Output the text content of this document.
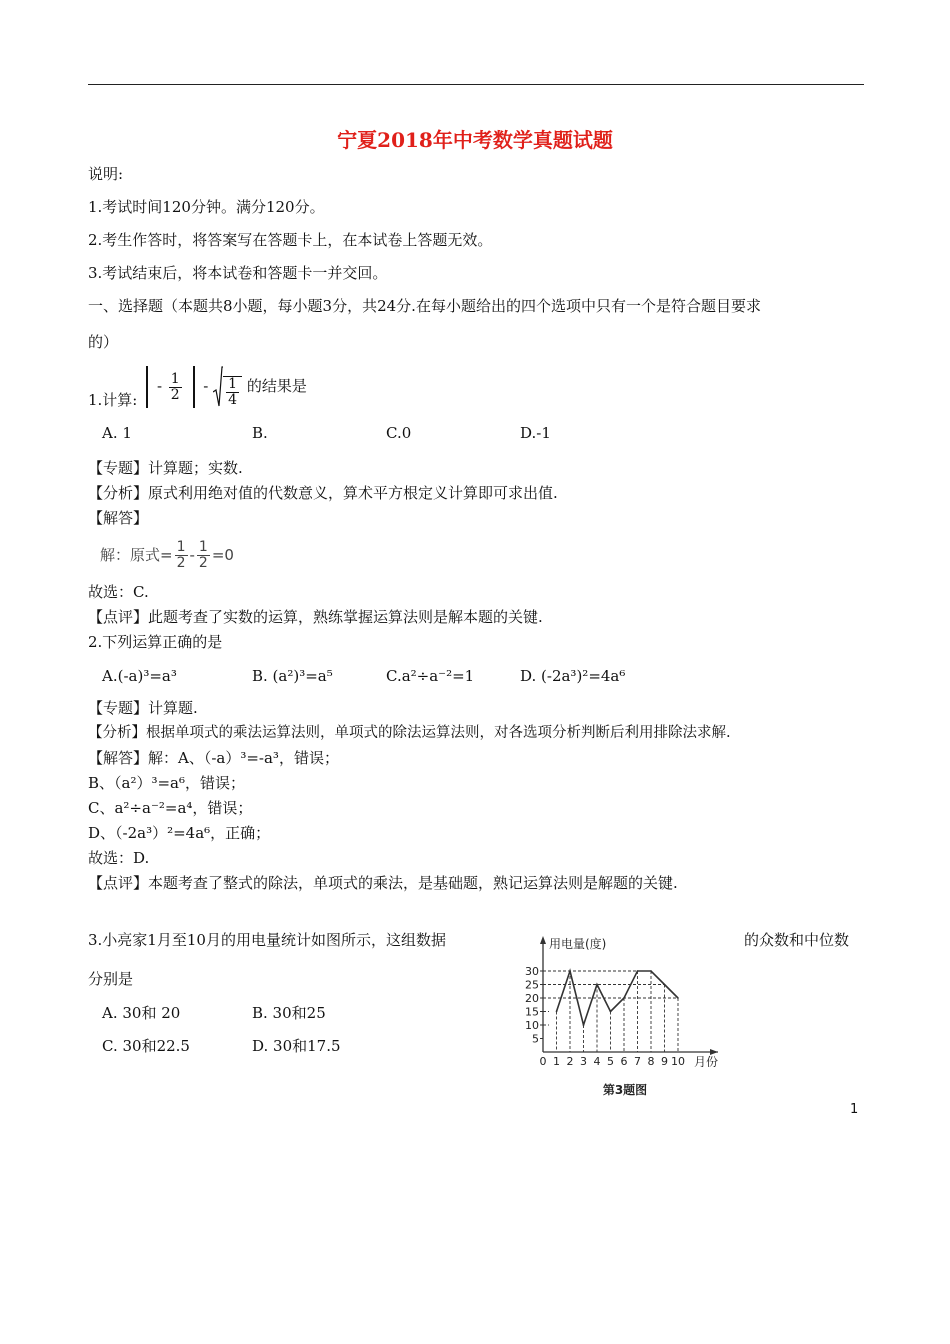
宁夏2018年中考数学真题试题
说明:
1.考试时间120分钟。满分120分。
2.考生作答时，将答案写在答题卡上，在本试卷上答题无效。
3.考试结束后，将本试卷和答题卡一并交回。
一、选择题（本题共8小题，每小题3分，共24分.在每小题给出的四个选项中只有一个是符合题目要求
的）
1.计算:  - $\frac{1}{2} - \frac{1}{4}$ 的结果是
A. 1	B.	C.0	D.-1
【专题】计算题；实数.
【分析】原式利用绝对值的代数意义，算术平方根定义计算即可求出值.
【解答】
解：原式= $\frac{1}{2} - \frac{1}{2} =0$
故选：C.
【点评】此题考查了实数的运算，熟练掌握运算法则是解本题的关键.
2.下列运算正确的是
A.(-a)³=a³	B. (a²)³=a⁵	C.a²÷a⁻²=1	D. (-2a³)²=4a⁶
【专题】计算题.
【分析】根据单项式的乘法运算法则，单项式的除法运算法则，对各选项分析判断后利用排除法求解.
【解答】解：A、（-a）³=-a³，错误；
B、（a²）³=a⁶，错误；
C、a²÷a⁻²=a⁴，错误；
D、（-2a³）²=4a⁶，正确；
故选：D.
【点评】本题考查了整式的除法，单项式的乘法，是基础题，熟记运算法则是解题的关键.
3.小亮家1月至10月的用电量统计如图所示，这组数据	的众数和中位数
分别是
A. 30和 20	B. 30和25
C. 30和22.5	D. 30和17.5
用电量(度)
月份
5
10
15
20
25
30
0 1 2 3 4 5 6 7 8 9 10
第3题图
1
